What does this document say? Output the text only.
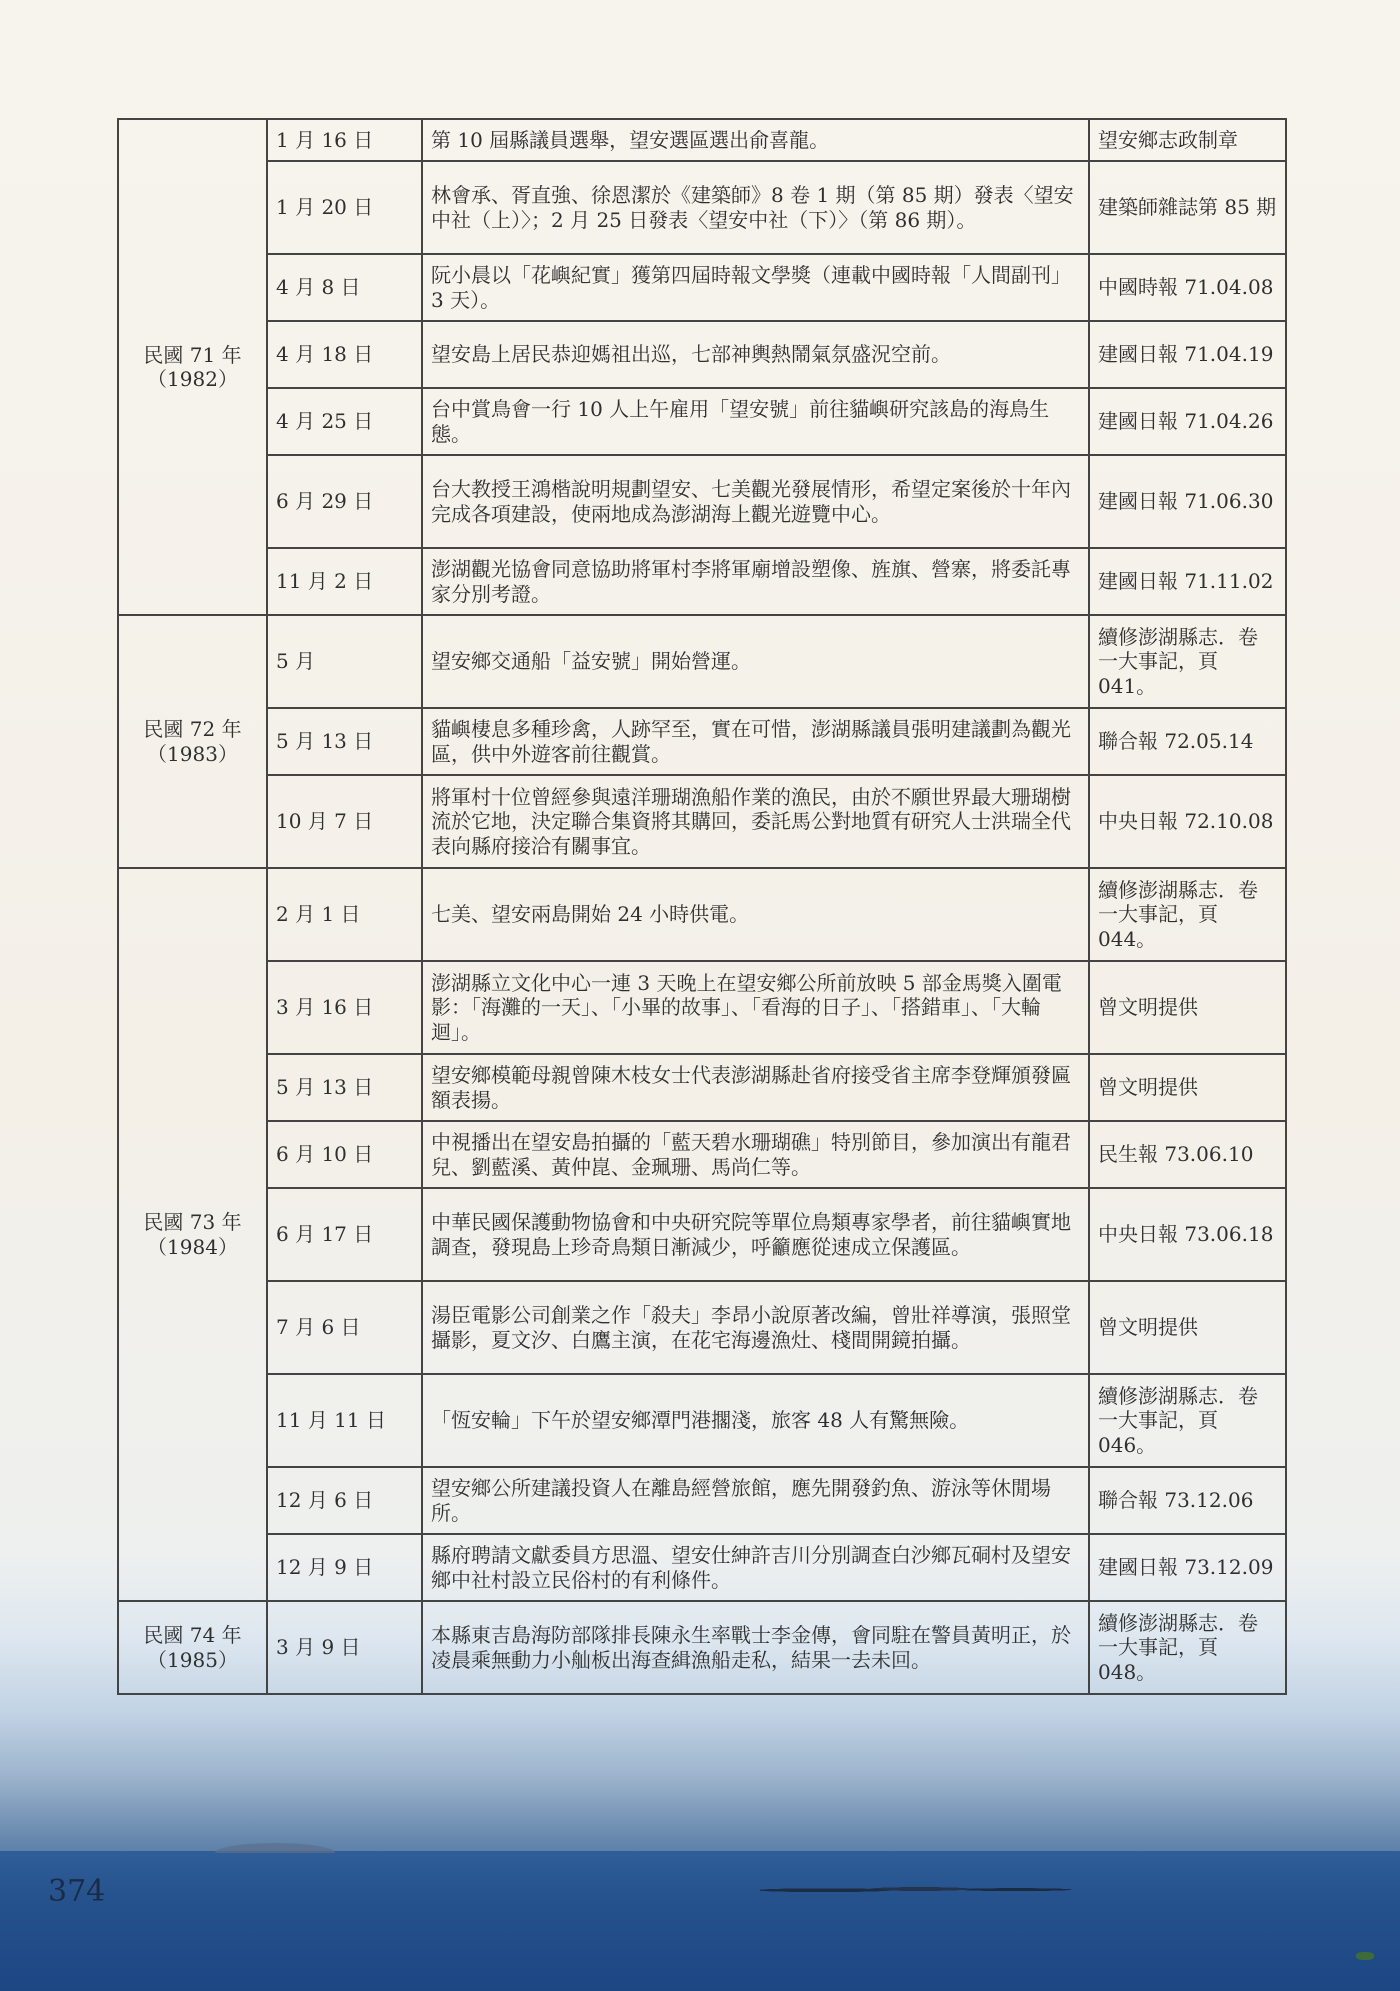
民國 71 年
（1982）	1 月 16 日	第 10 屆縣議員選舉，望安選區選出俞喜龍。	望安鄉志政制章
	1 月 20 日	林會承、胥直強、徐恩潔於《建築師》8 卷 1 期（第 85 期）發表〈望安中社（上）〉；2 月 25 日發表〈望安中社（下）〉（第 86 期）。	建築師雜誌第 85 期
	4 月 8 日	阮小晨以「花嶼紀實」獲第四屆時報文學獎（連載中國時報「人間副刊」3 天）。	中國時報 71.04.08
	4 月 18 日	望安島上居民恭迎媽祖出巡，七部神輿熱鬧氣氛盛況空前。	建國日報 71.04.19
	4 月 25 日	台中賞鳥會一行 10 人上午雇用「望安號」前往貓嶼研究該島的海鳥生態。	建國日報 71.04.26
	6 月 29 日	台大教授王鴻楷說明規劃望安、七美觀光發展情形，希望定案後於十年內完成各項建設，使兩地成為澎湖海上觀光遊覽中心。	建國日報 71.06.30
	11 月 2 日	澎湖觀光協會同意協助將軍村李將軍廟增設塑像、旌旗、營寨，將委託專家分別考證。	建國日報 71.11.02

民國 72 年
（1983）	5 月	望安鄉交通船「益安號」開始營運。	續修澎湖縣志．卷一大事記，頁 041。
	5 月 13 日	貓嶼棲息多種珍禽，人跡罕至，實在可惜，澎湖縣議員張明建議劃為觀光區，供中外遊客前往觀賞。	聯合報 72.05.14
	10 月 7 日	將軍村十位曾經參與遠洋珊瑚漁船作業的漁民，由於不願世界最大珊瑚樹流於它地，決定聯合集資將其購回，委託馬公對地質有研究人士洪瑞全代表向縣府接洽有關事宜。	中央日報 72.10.08

民國 73 年
（1984）	2 月 1 日	七美、望安兩島開始 24 小時供電。	續修澎湖縣志．卷一大事記，頁 044。
	3 月 16 日	澎湖縣立文化中心一連 3 天晚上在望安鄉公所前放映 5 部金馬獎入圍電影：「海灘的一天」、「小畢的故事」、「看海的日子」、「搭錯車」、「大輪迴」。	曾文明提供
	5 月 13 日	望安鄉模範母親曾陳木枝女士代表澎湖縣赴省府接受省主席李登輝頒發匾額表揚。	曾文明提供
	6 月 10 日	中視播出在望安島拍攝的「藍天碧水珊瑚礁」特別節目，參加演出有龍君兒、劉藍溪、黃仲崑、金珮珊、馬尚仁等。	民生報 73.06.10
	6 月 17 日	中華民國保護動物協會和中央研究院等單位鳥類專家學者，前往貓嶼實地調查，發現島上珍奇鳥類日漸減少，呼籲應從速成立保護區。	中央日報 73.06.18
	7 月 6 日	湯臣電影公司創業之作「殺夫」李昂小說原著改編，曾壯祥導演，張照堂攝影，夏文汐、白鷹主演，在花宅海邊漁灶、棧間開鏡拍攝。	曾文明提供
	11 月 11 日	「恆安輪」下午於望安鄉潭門港擱淺，旅客 48 人有驚無險。	續修澎湖縣志．卷一大事記，頁 046。
	12 月 6 日	望安鄉公所建議投資人在離島經營旅館，應先開發釣魚、游泳等休閒場所。	聯合報 73.12.06
	12 月 9 日	縣府聘請文獻委員方思溫、望安仕紳許吉川分別調查白沙鄉瓦硐村及望安鄉中社村設立民俗村的有利條件。	建國日報 73.12.09

民國 74 年
（1985）	3 月 9 日	本縣東吉島海防部隊排長陳永生率戰士李金傳，會同駐在警員黃明正，於凌晨乘無動力小舢板出海查緝漁船走私，結果一去未回。	續修澎湖縣志．卷一大事記，頁 048。
374
